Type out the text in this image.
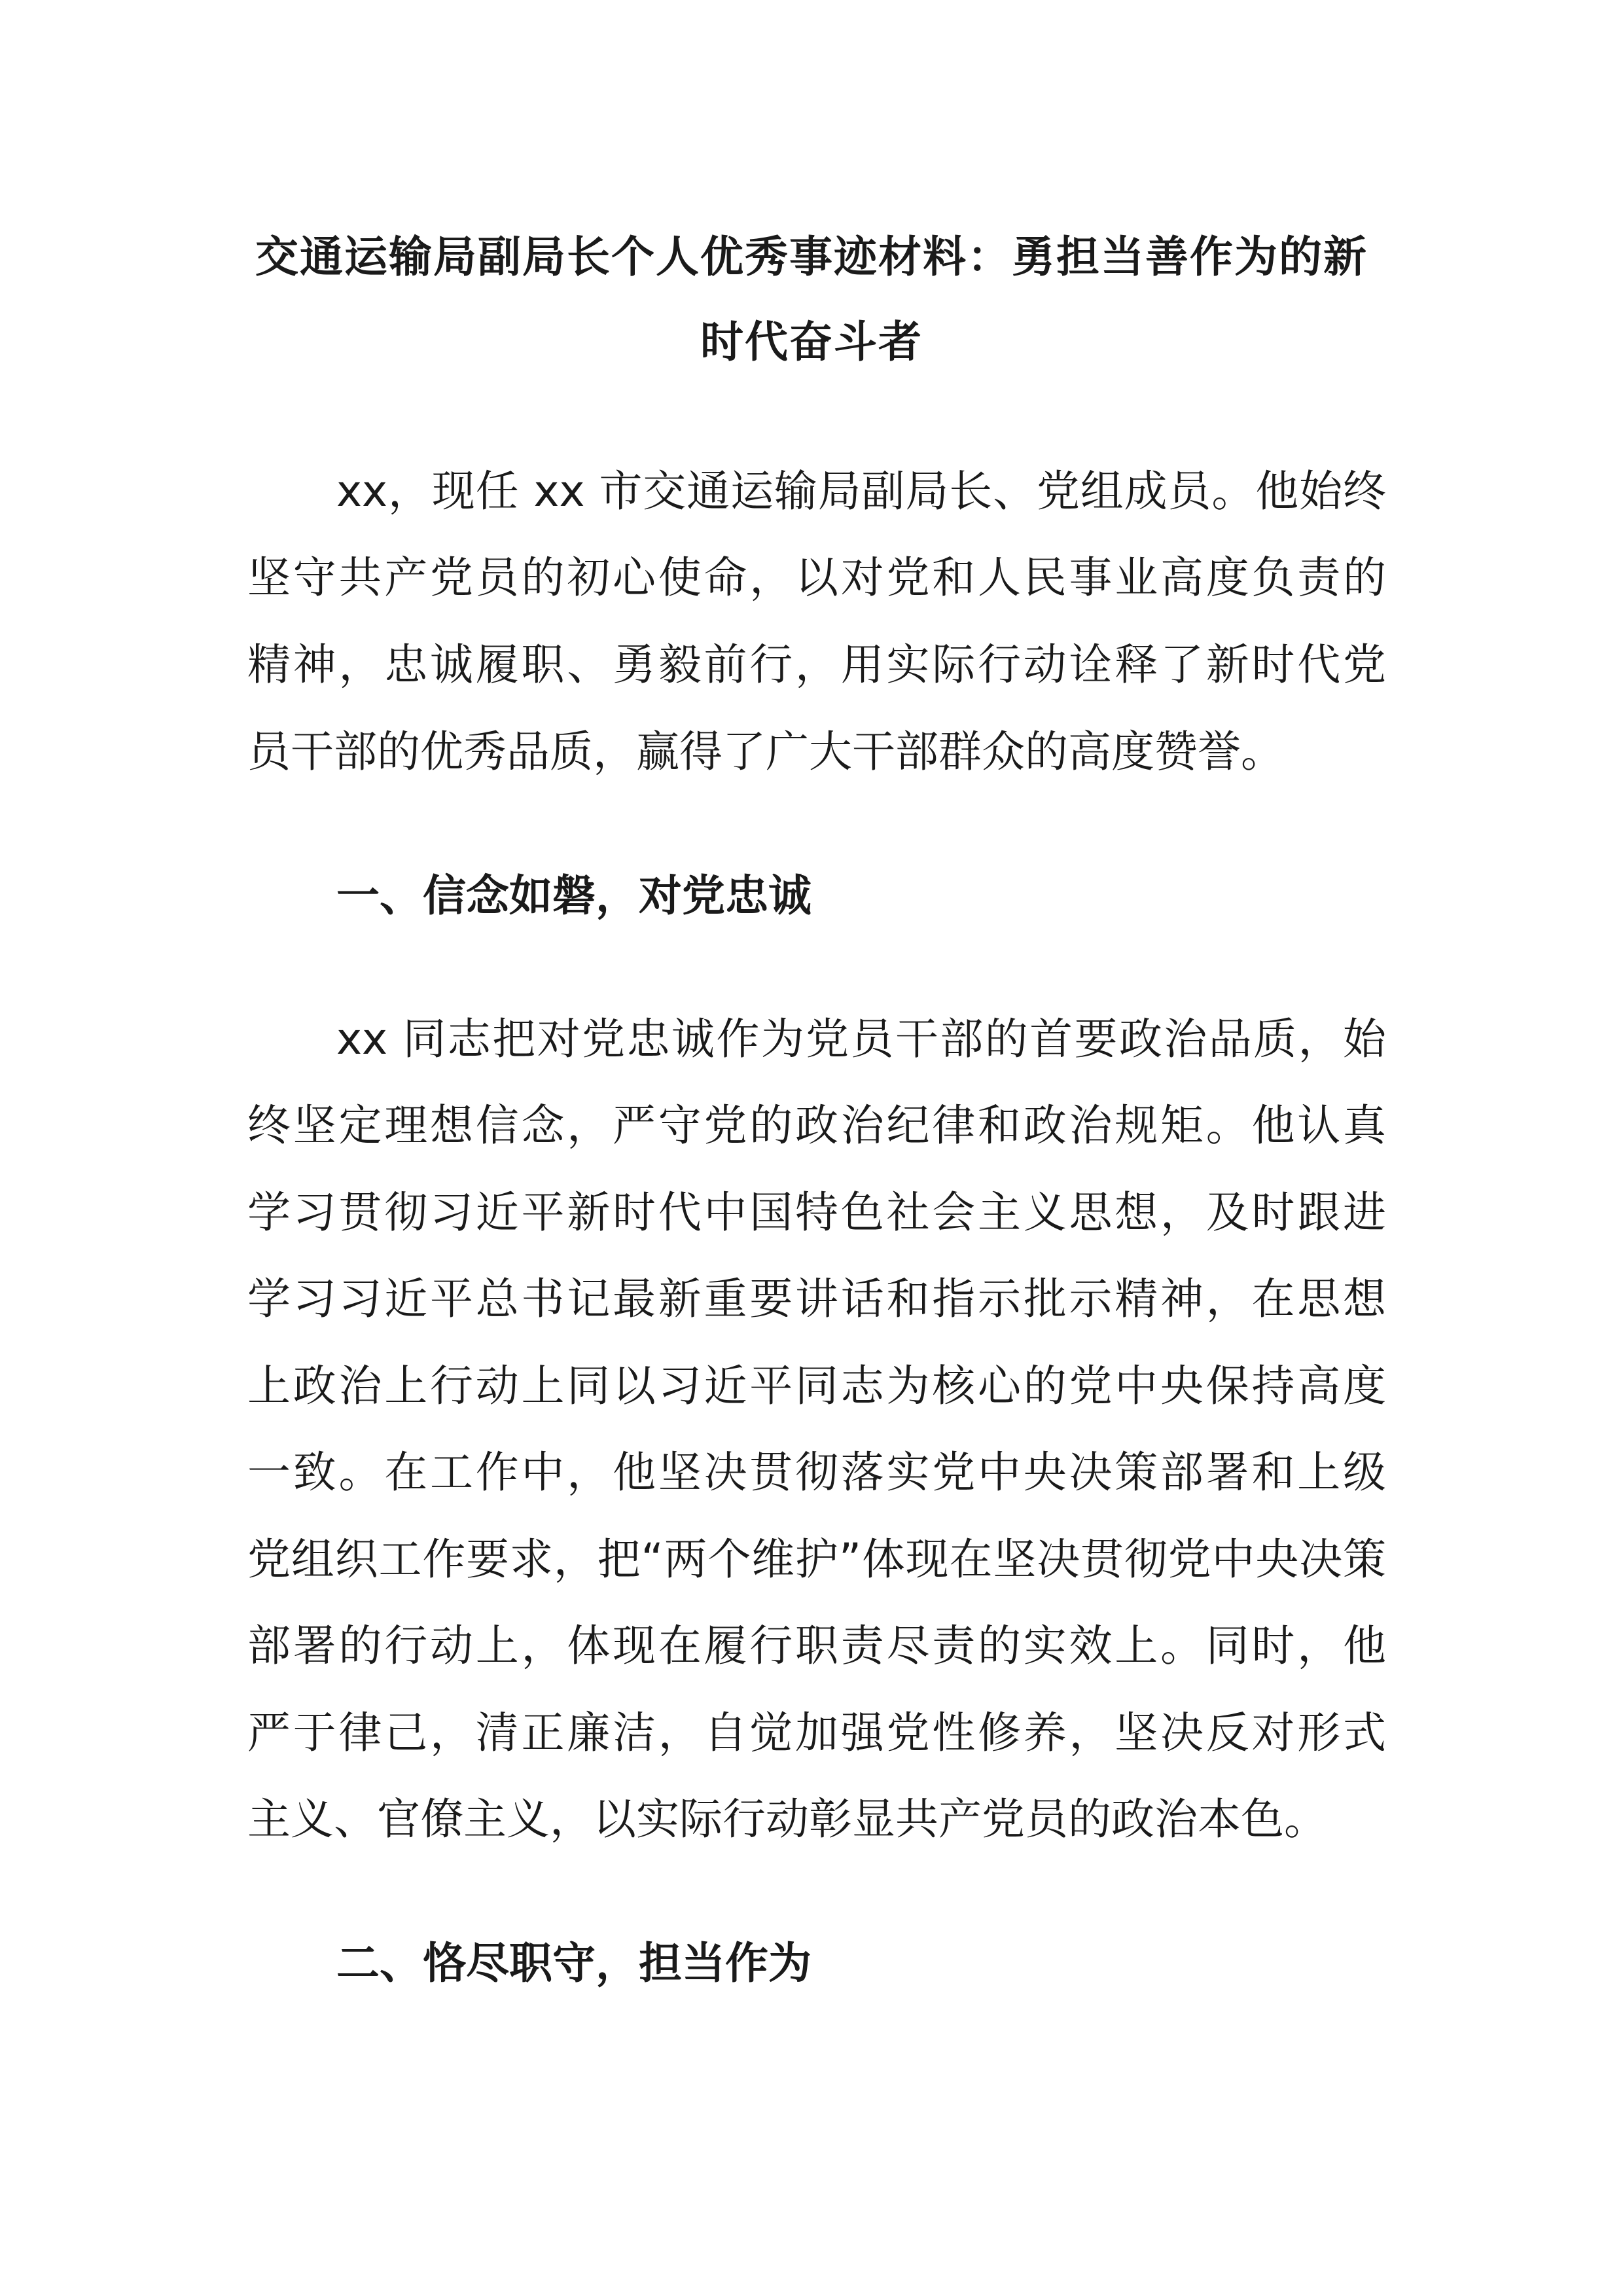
交通运输局副局长个人优秀事迹材料：勇担当善作为的新
时代奋斗者

xx，现任 xx 市交通运输局副局长、党组成员。他始终

坚守共产党员的初心使命，以对党和人民事业高度负责的

精神，忠诚履职、勇毅前行，用实际行动诠释了新时代党

员干部的优秀品质，赢得了广大干部群众的高度赞誉。

一、信念如磐，对党忠诚

xx 同志把对党忠诚作为党员干部的首要政治品质，始

终坚定理想信念，严守党的政治纪律和政治规矩。他认真

学习贯彻习近平新时代中国特色社会主义思想，及时跟进

学习习近平总书记最新重要讲话和指示批示精神，在思想

上政治上行动上同以习近平同志为核心的党中央保持高度

一致。在工作中，他坚决贯彻落实党中央决策部署和上级

党组织工作要求，把“两个维护”体现在坚决贯彻党中央决策

部署的行动上，体现在履行职责尽责的实效上。同时，他

严于律己，清正廉洁，自觉加强党性修养，坚决反对形式

主义、官僚主义，以实际行动彰显共产党员的政治本色。

二、恪尽职守，担当作为
